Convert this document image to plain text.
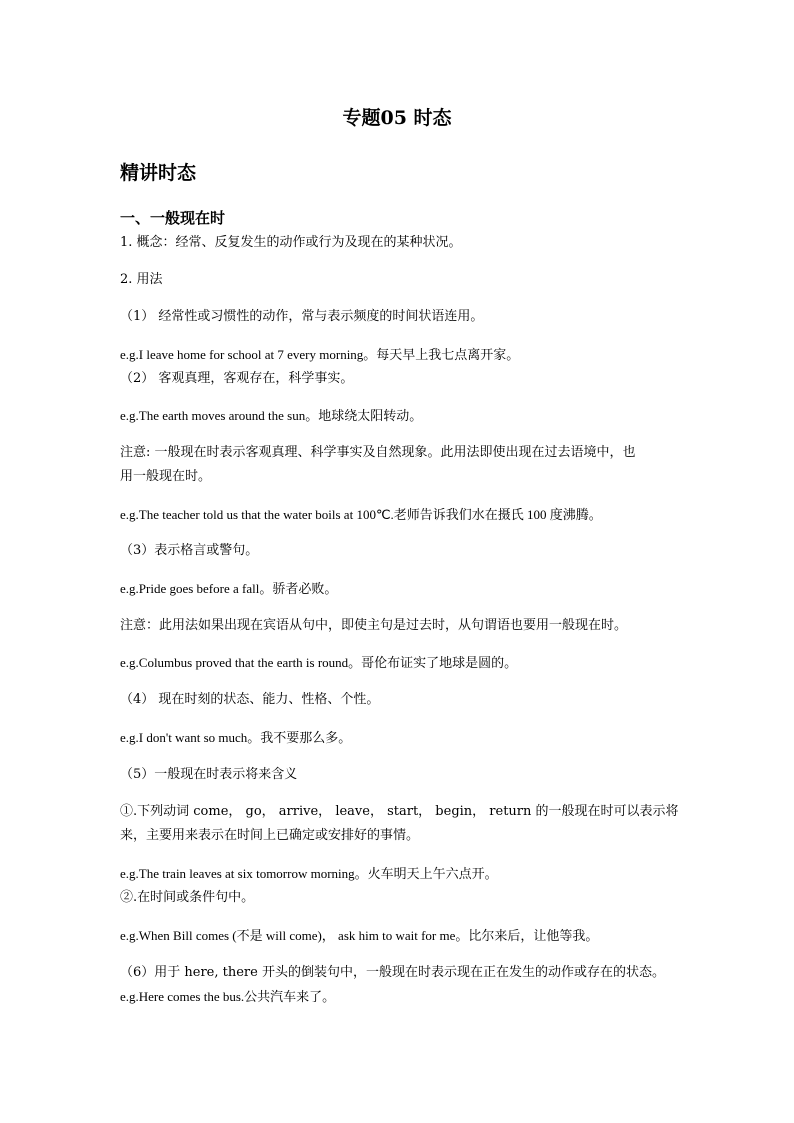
专题05 时态
精讲时态
一、一般现在时
1. 概念：经常、反复发生的动作或行为及现在的某种状况。
2. 用法
（1） 经常性或习惯性的动作，常与表示频度的时间状语连用。
e.g.I leave home for school at 7 every morning。每天早上我七点离开家。
（2） 客观真理，客观存在，科学事实。
e.g.The earth moves around the sun。地球绕太阳转动。
注意: 一般现在时表示客观真理、科学事实及自然现象。此用法即使出现在过去语境中，也
用一般现在时。
e.g.The teacher told us that the water boils at 100℃.老师告诉我们水在摄氏 100 度沸腾。
（3）表示格言或警句。
e.g.Pride goes before a fall。骄者必败。
注意：此用法如果出现在宾语从句中，即使主句是过去时，从句谓语也要用一般现在时。
e.g.Columbus proved that the earth is round。哥伦布证实了地球是圆的。
（4） 现在时刻的状态、能力、性格、个性。
e.g.I don't want so much。我不要那么多。
（5）一般现在时表示将来含义
①.下列动词 come， go， arrive， leave， start， begin， return 的一般现在时可以表示将
来，主要用来表示在时间上已确定或安排好的事情。
e.g.The train leaves at six tomorrow morning。火车明天上午六点开。
②.在时间或条件句中。
e.g.When Bill comes (不是 will come)， ask him to wait for me。比尔来后，让他等我。
（6）用于 here, there 开头的倒装句中，一般现在时表示现在正在发生的动作或存在的状态。
e.g.Here comes the bus.公共汽车来了。
